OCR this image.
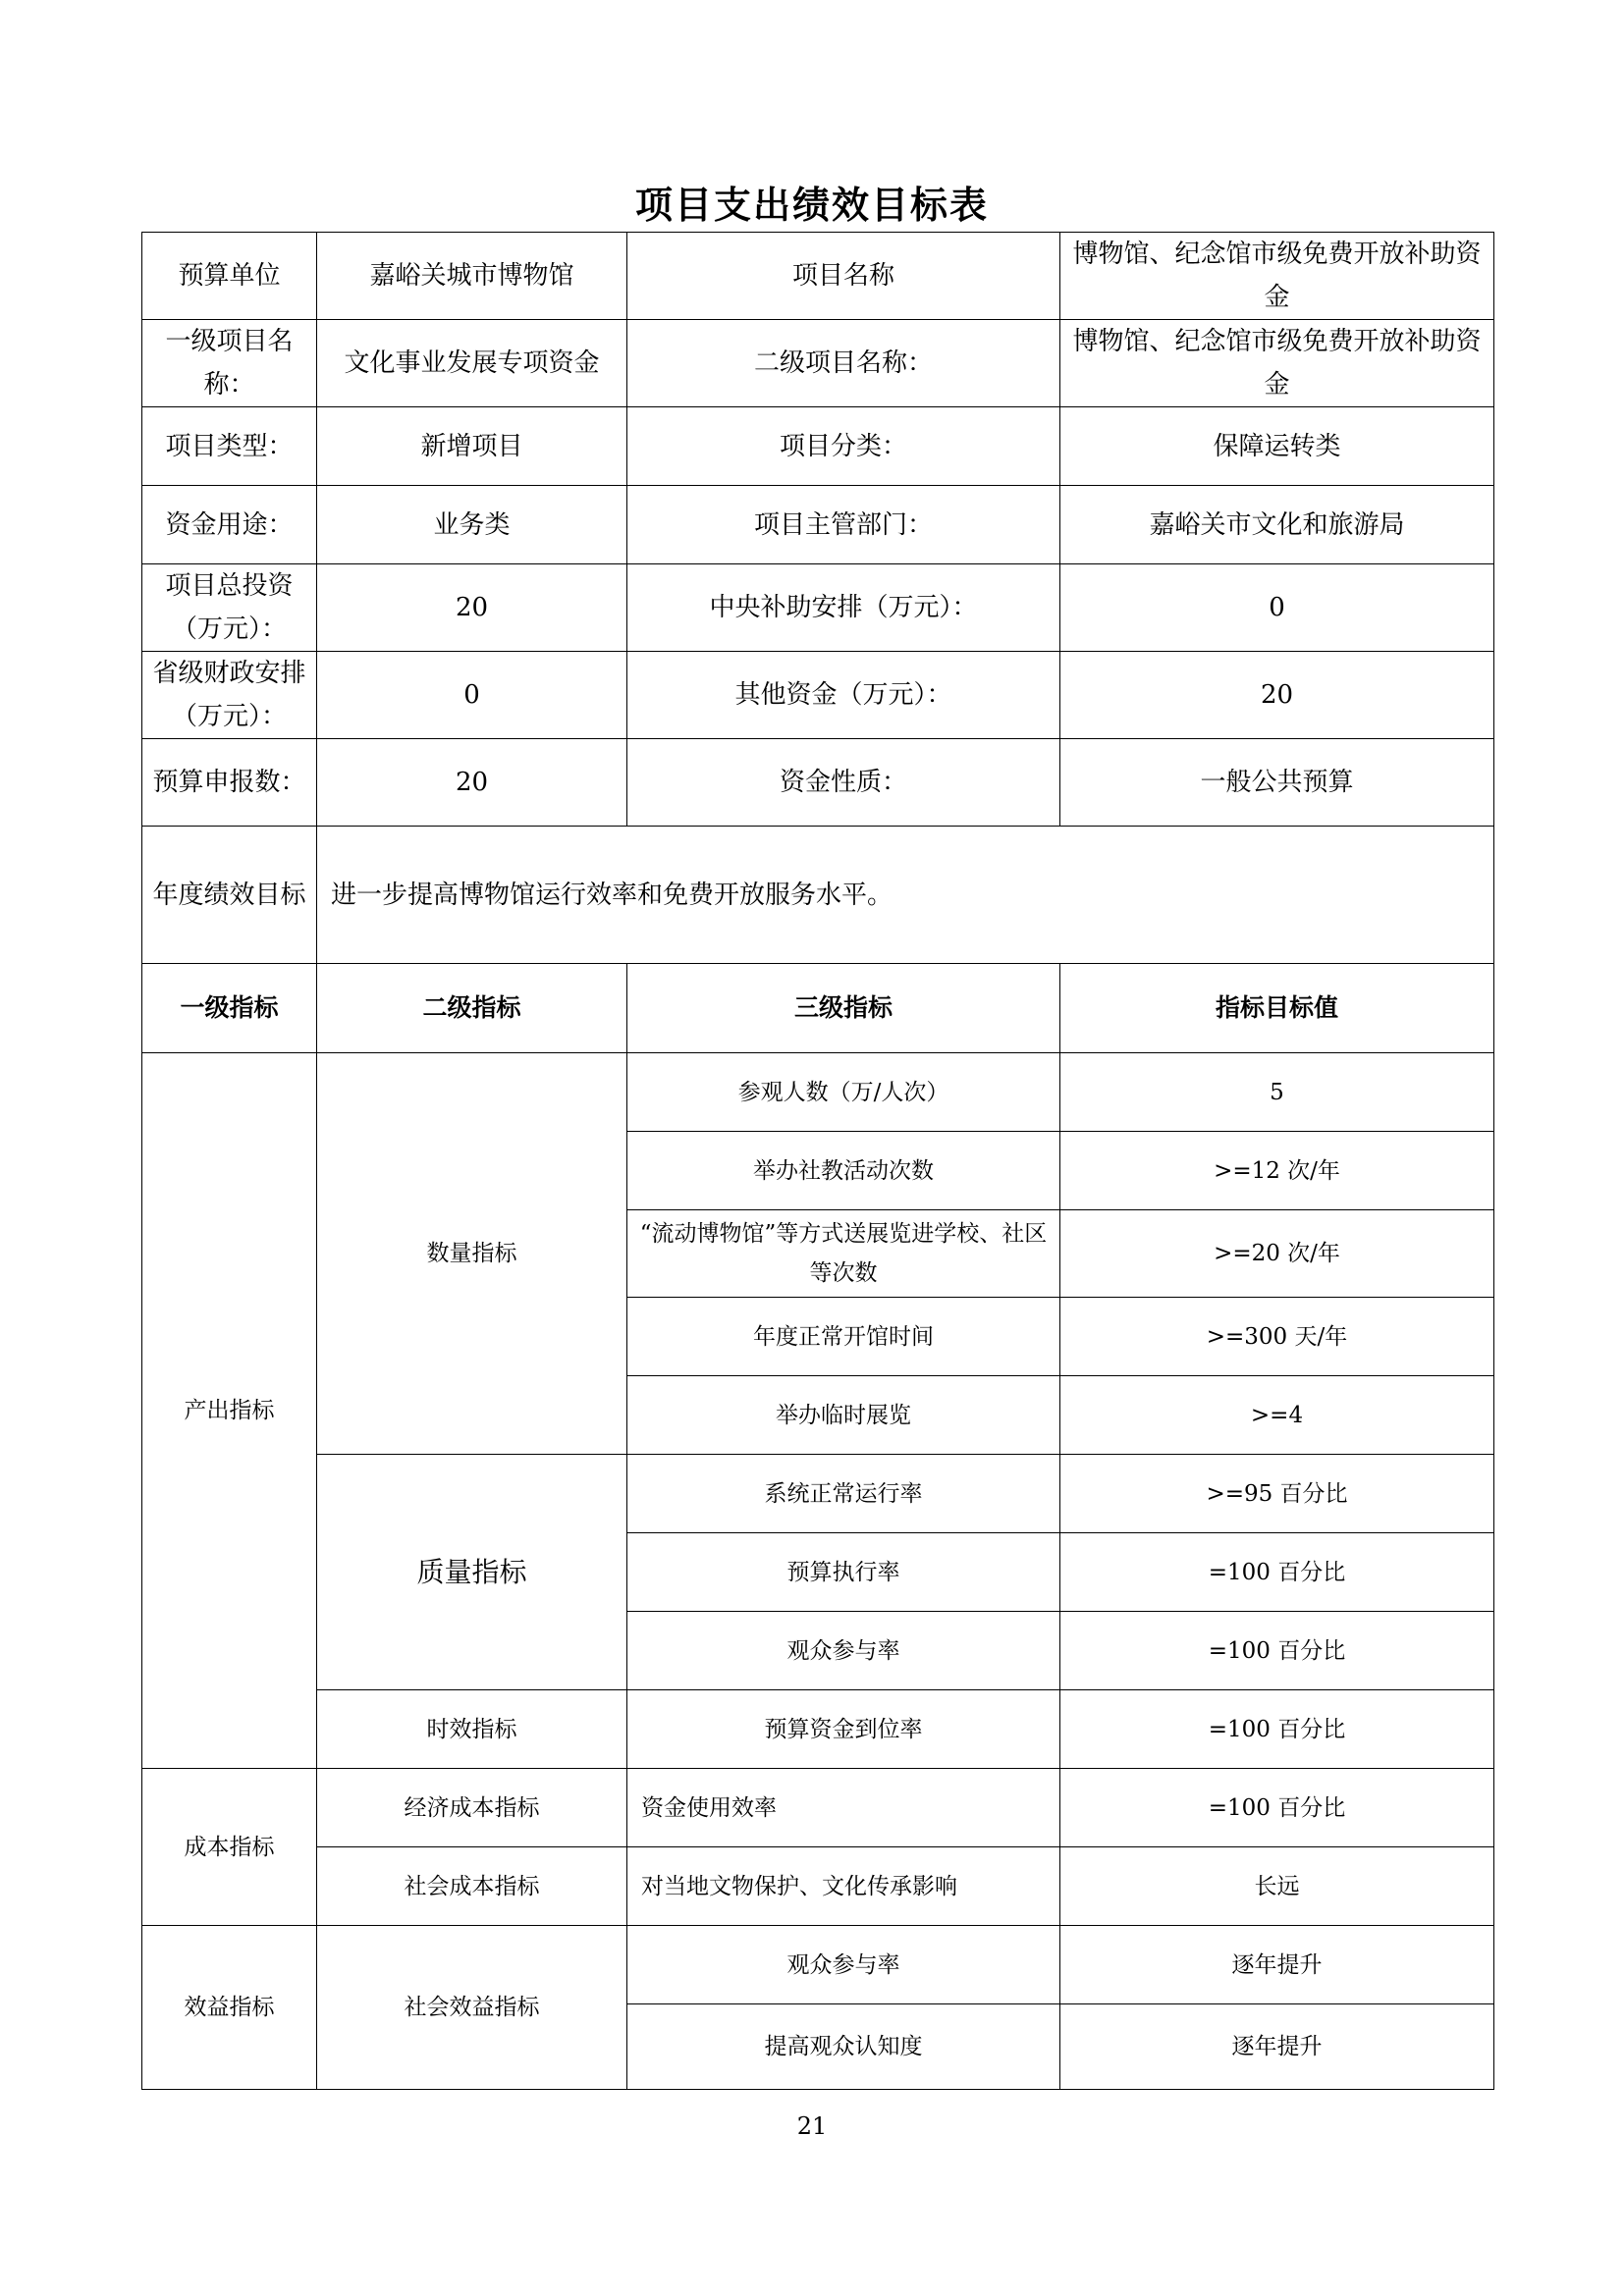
项目支出绩效目标表
预算单位	嘉峪关城市博物馆	项目名称	博物馆、纪念馆市级免费开放补助资金
一级项目名称：	文化事业发展专项资金	二级项目名称：	博物馆、纪念馆市级免费开放补助资金
项目类型：	新增项目	项目分类：	保障运转类
资金用途：	业务类	项目主管部门：	嘉峪关市文化和旅游局
项目总投资（万元）：	20	中央补助安排（万元）：	0
省级财政安排（万元）：	0	其他资金（万元）：	20
预算申报数：	20	资金性质：	一般公共预算
年度绩效目标	进一步提高博物馆运行效率和免费开放服务水平。		
一级指标	二级指标	三级指标	指标目标值
产出指标	数量指标	参观人数（万/人次）	5
		举办社教活动次数	>=12 次/年
		“流动博物馆”等方式送展览进学校、社区等次数	>=20 次/年
		年度正常开馆时间	>=300 天/年
		举办临时展览	>=4
	质量指标	系统正常运行率	>=95 百分比
		预算执行率	=100 百分比
		观众参与率	=100 百分比
	时效指标	预算资金到位率	=100 百分比
成本指标	经济成本指标	资金使用效率	=100 百分比
	社会成本指标	对当地文物保护、文化传承影响	长远
效益指标	社会效益指标	观众参与率	逐年提升
		提高观众认知度	逐年提升
21
